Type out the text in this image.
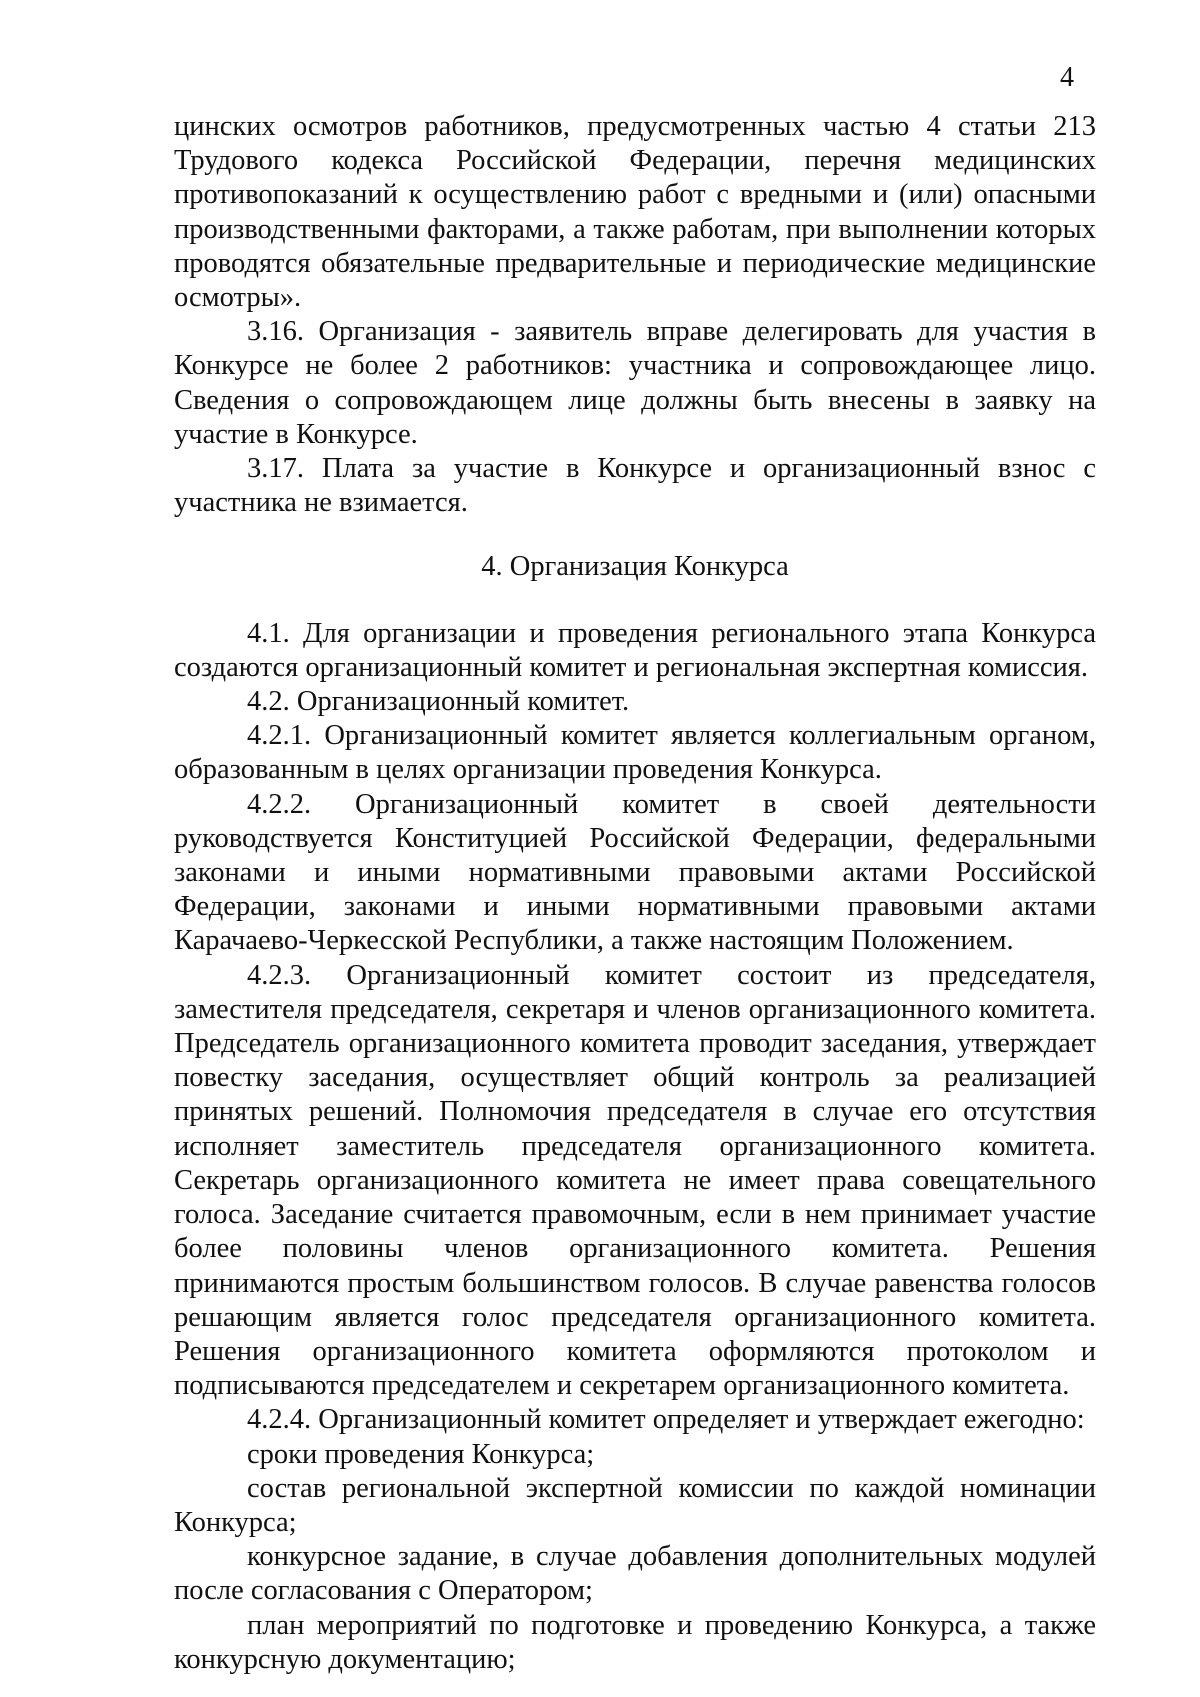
4

цинских осмотров работников, предусмотренных частью 4 статьи 213 Трудового кодекса Российской Федерации, перечня медицинских противопоказаний к осуществлению работ с вредными и (или) опасными производственными факторами, а также работам, при выполнении которых проводятся обязательные предварительные и периодические медицинские осмотры».

3.16. Организация - заявитель вправе делегировать для участия в Конкурсе не более 2 работников: участника и сопровождающее лицо. Сведения о сопровождающем лице должны быть внесены в заявку на участие в Конкурсе.

3.17. Плата за участие в Конкурсе и организационный взнос с участника не взимается.

4. Организация Конкурса

4.1. Для организации и проведения регионального этапа Конкурса создаются организационный комитет и региональная экспертная комиссия.

4.2. Организационный комитет.

4.2.1. Организационный комитет является коллегиальным органом, образованным в целях организации проведения Конкурса.

4.2.2. Организационный комитет в своей деятельности руководствуется Конституцией Российской Федерации, федеральными законами и иными нормативными правовыми актами Российской Федерации, законами и иными нормативными правовыми актами Карачаево-Черкесской Республики, а также настоящим Положением.

4.2.3. Организационный комитет состоит из председателя, заместителя председателя, секретаря и членов организационного комитета. Председатель организационного комитета проводит заседания, утверждает повестку заседания, осуществляет общий контроль за реализацией принятых решений. Полномочия председателя в случае его отсутствия исполняет заместитель председателя организационного комитета. Секретарь организационного комитета не имеет права совещательного голоса. Заседание считается правомочным, если в нем принимает участие более половины членов организационного комитета. Решения принимаются простым большинством голосов. В случае равенства голосов решающим является голос председателя организационного комитета. Решения организационного комитета оформляются протоколом и подписываются председателем и секретарем организационного комитета.

4.2.4. Организационный комитет определяет и утверждает ежегодно:

сроки проведения Конкурса;

состав региональной экспертной комиссии по каждой номинации Конкурса;

конкурсное задание, в случае добавления дополнительных модулей после согласования с Оператором;

план мероприятий по подготовке и проведению Конкурса, а также конкурсную документацию;
